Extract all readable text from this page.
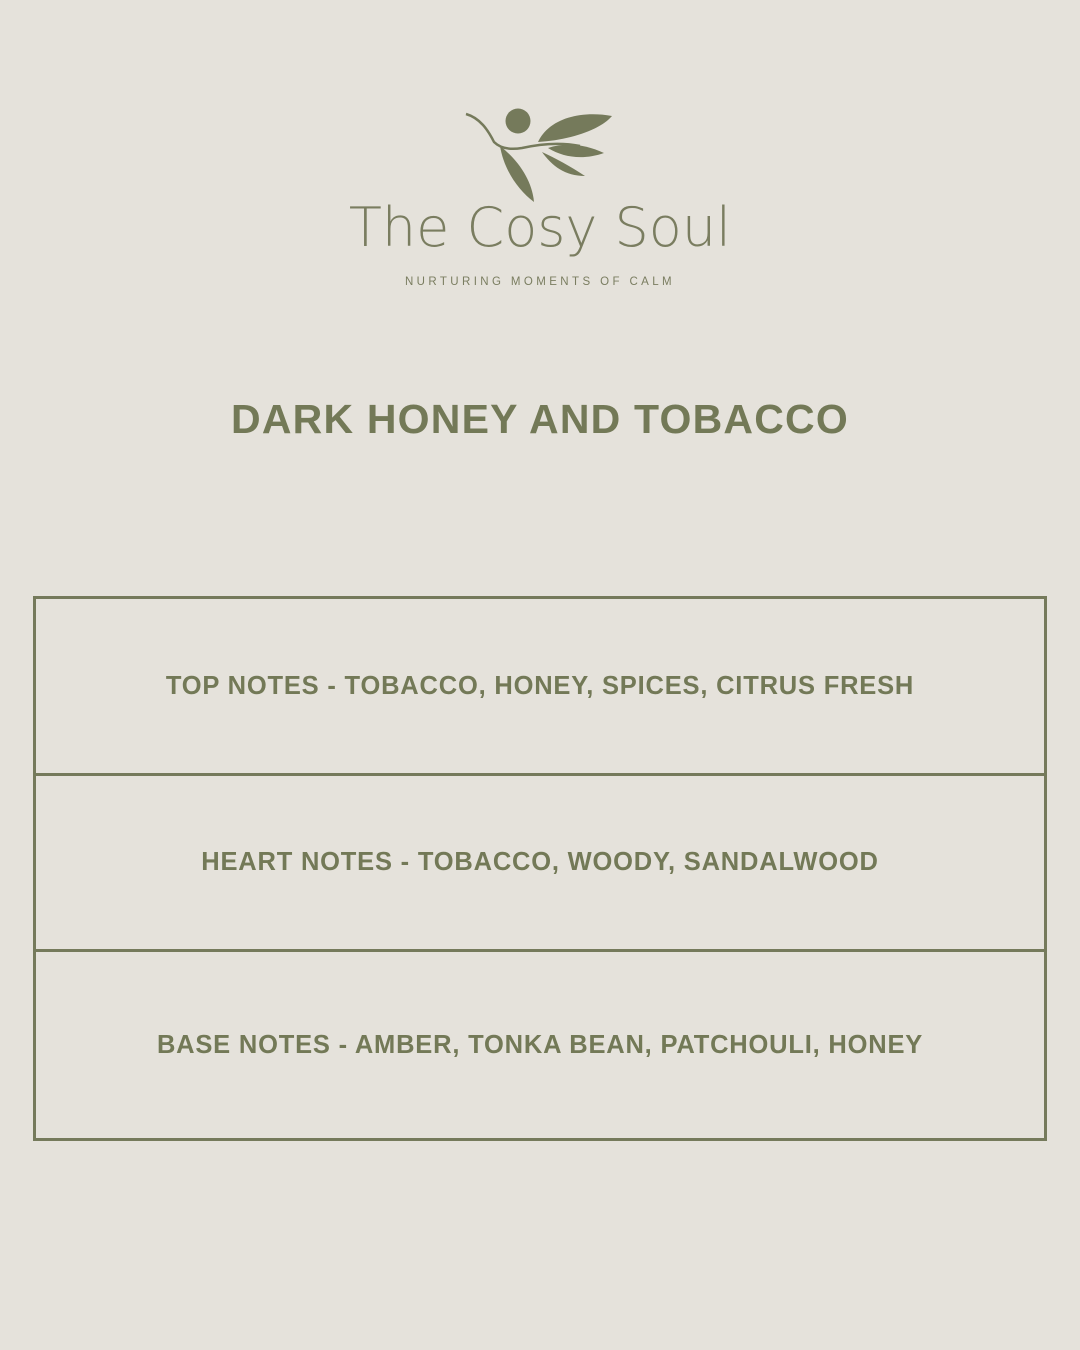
The Cosy Soul
NURTURING MOMENTS OF CALM
DARK HONEY AND TOBACCO
TOP NOTES - TOBACCO, HONEY, SPICES, CITRUS FRESH
HEART NOTES - TOBACCO, WOODY, SANDALWOOD
BASE NOTES - AMBER, TONKA BEAN, PATCHOULI, HONEY
